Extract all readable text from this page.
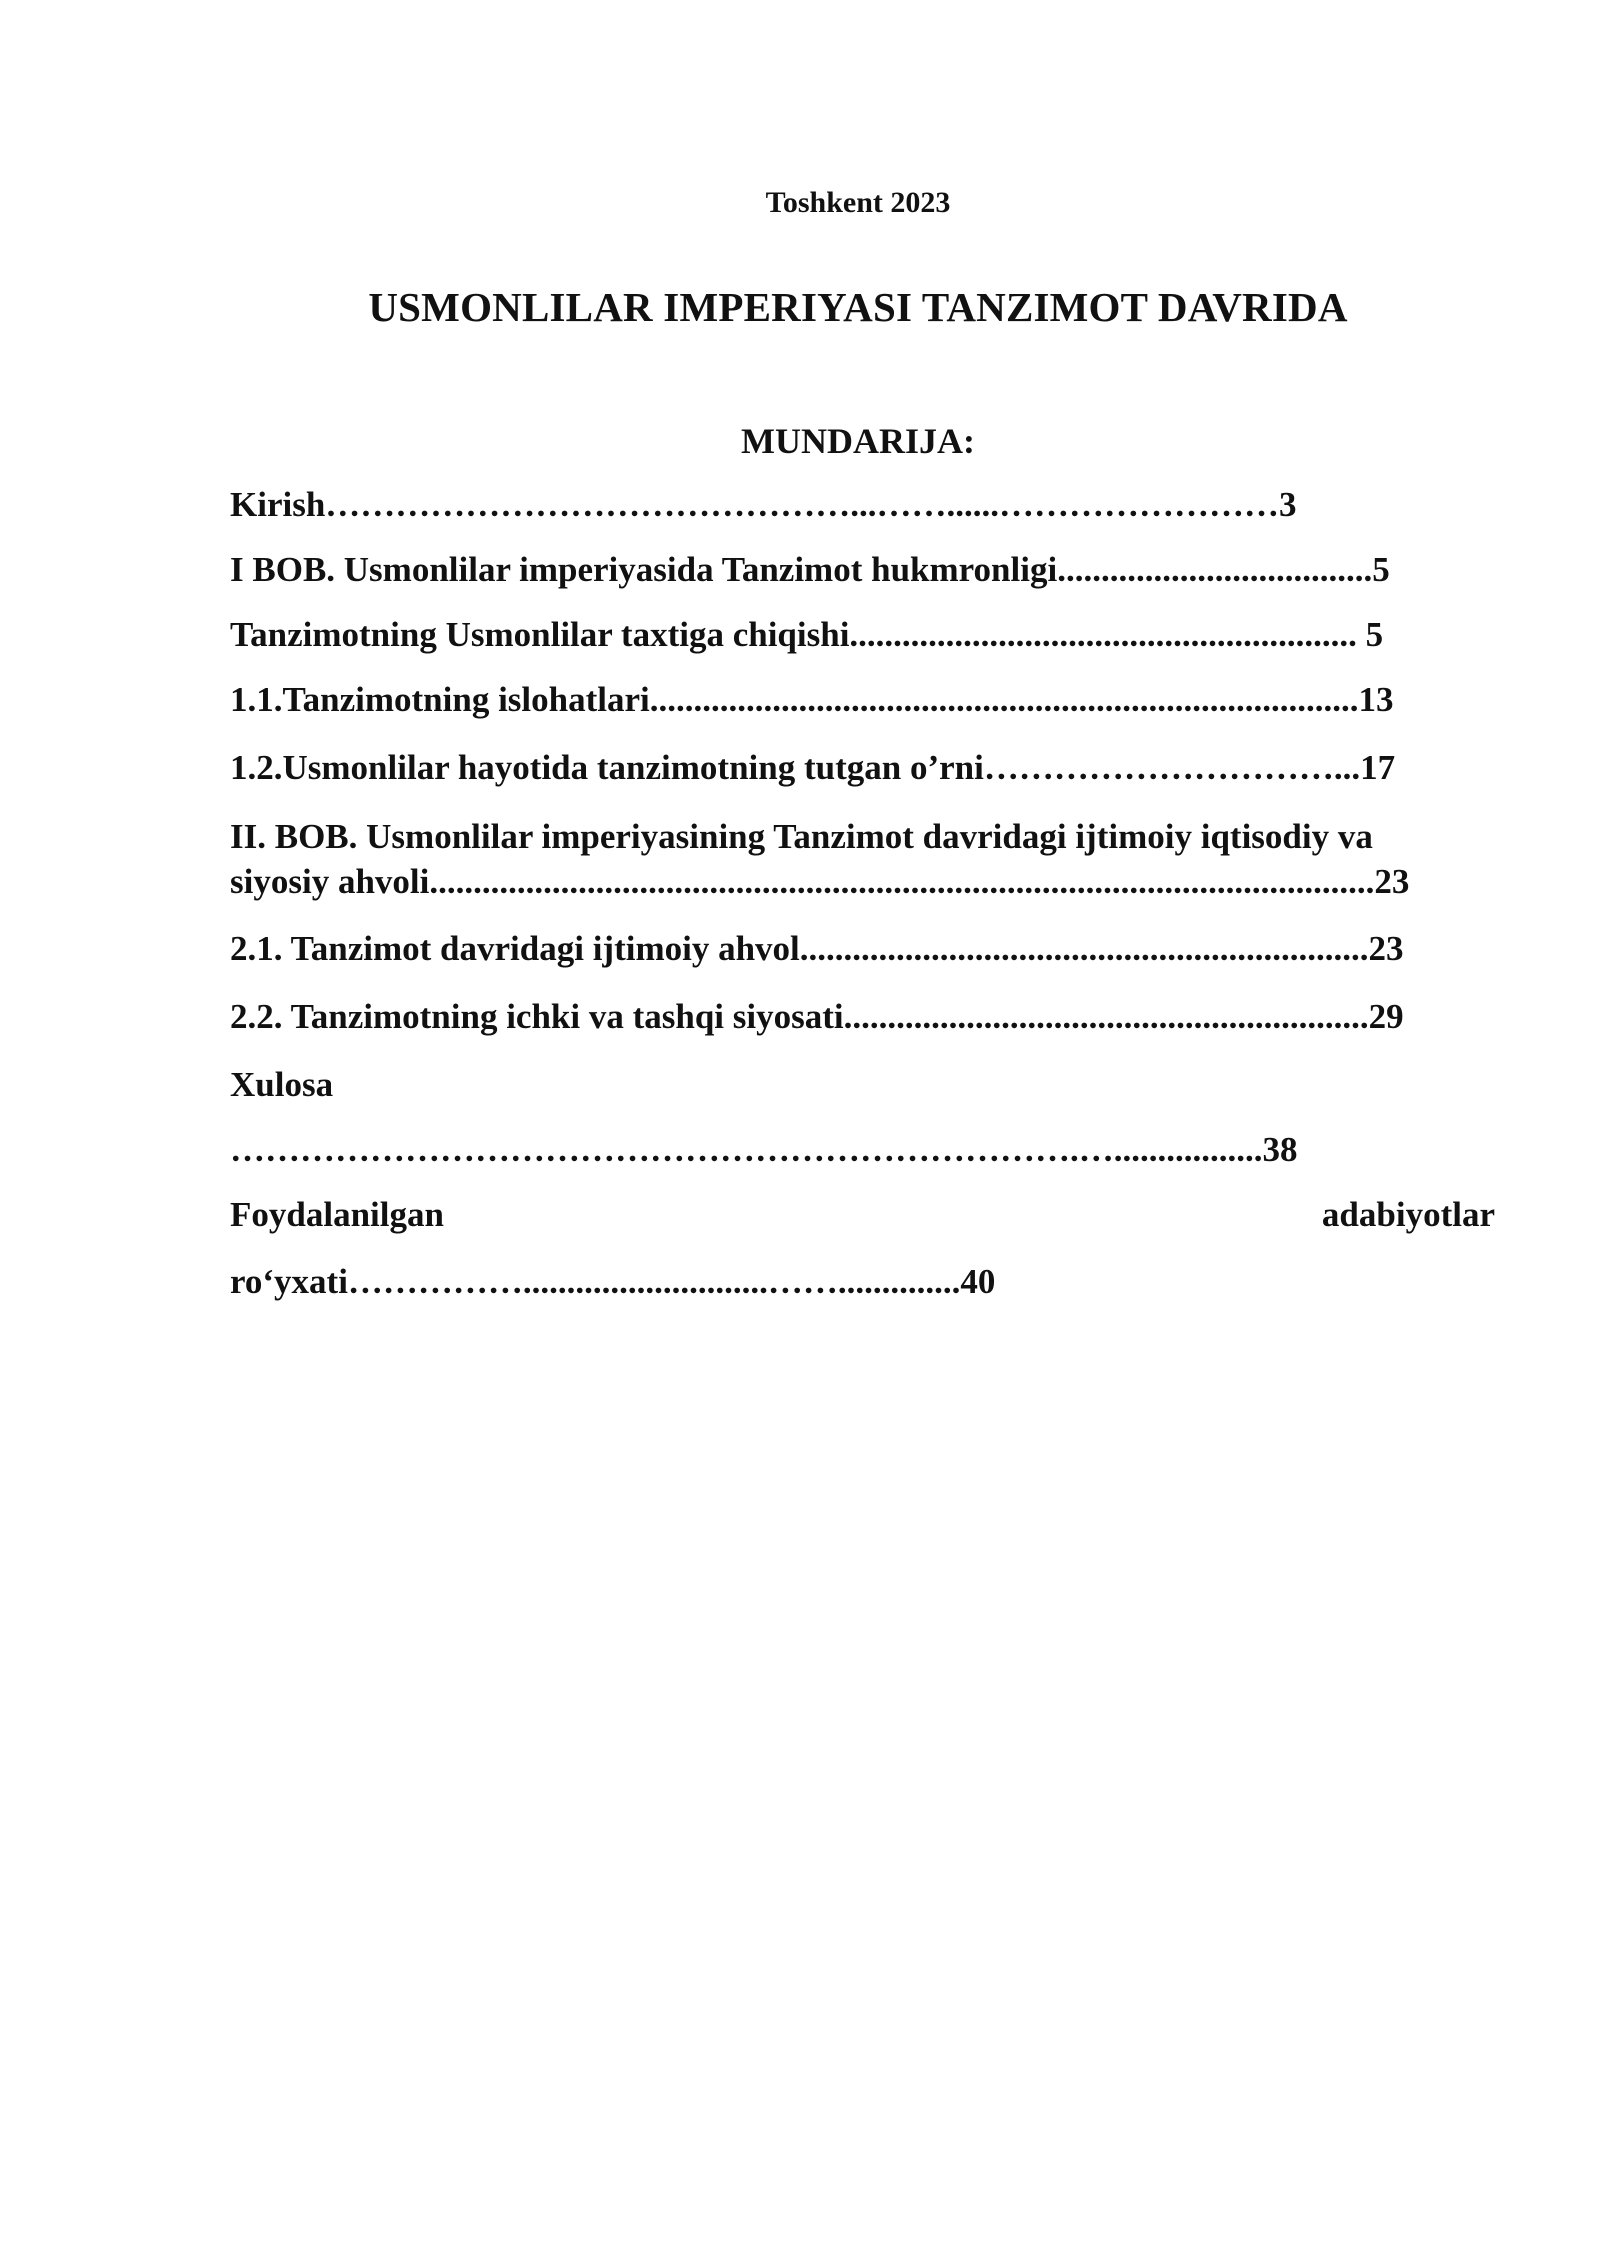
Toshkent 2023
USMONLILAR IMPERIYASI TANZIMOT DAVRIDA
MUNDARIJA:
Kirish………………………………………...……......……………………3
I BOB. Usmonlilar imperiyasida Tanzimot hukmronligi....................................5
Tanzimotning Usmonlilar taxtiga chiqishi.......................................................... 5
1.1.Tanzimotning islohatlari.................................................................................13
1.2.Usmonlilar hayotida tanzimotning tutgan o’rni…………………………...17
II. BOB. Usmonlilar imperiyasining Tanzimot davridagi ijtimoiy iqtisodiy va
siyosiy ahvoli............................................................................................................23
2.1. Tanzimot davridagi ijtimoiy ahvol.................................................................23
2.2. Tanzimotning ichki va tashqi siyosati............................................................29
Xulosa
……………………………………………………………….….................38
Foydalanilgan	adabiyotlar
ro‘yxati……………............................……..............40
